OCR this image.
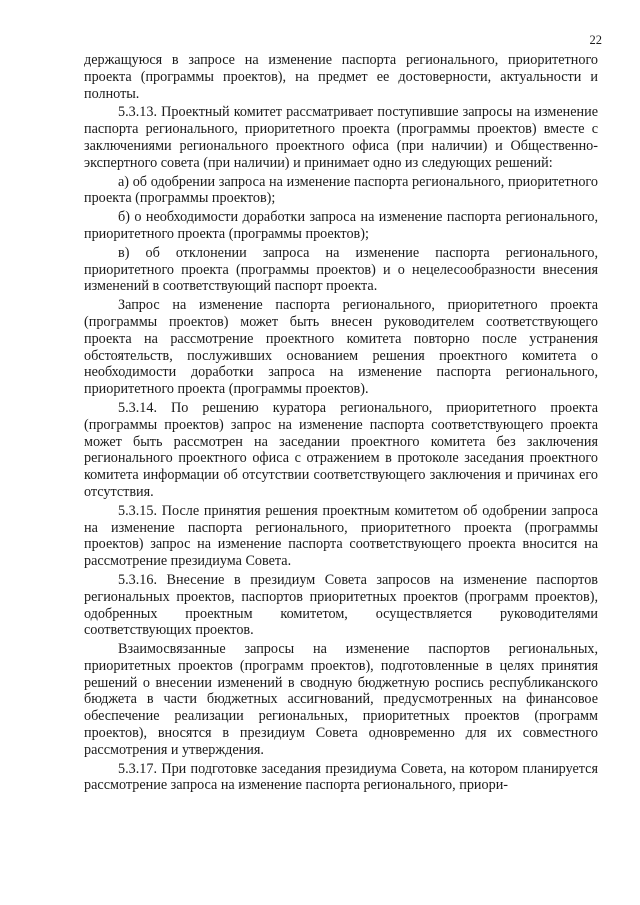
22

держащуюся в запросе на изменение паспорта регионального, приоритетного проекта (программы проектов), на предмет ее достоверности, актуальности и полноты.

5.3.13. Проектный комитет рассматривает поступившие запросы на изменение паспорта регионального, приоритетного проекта (программы проектов) вместе с заключениями регионального проектного офиса (при наличии) и Общественно-экспертного совета (при наличии) и принимает одно из следующих решений:

а) об одобрении запроса на изменение паспорта регионального, приоритетного проекта (программы проектов);

б) о необходимости доработки запроса на изменение паспорта регионального, приоритетного проекта (программы проектов);

в) об отклонении запроса на изменение паспорта регионального, приоритетного проекта (программы проектов) и о нецелесообразности внесения изменений в соответствующий паспорт проекта.

Запрос на изменение паспорта регионального, приоритетного проекта (программы проектов) может быть внесен руководителем соответствующего проекта на рассмотрение проектного комитета повторно после устранения обстоятельств, послуживших основанием решения проектного комитета о необходимости доработки запроса на изменение паспорта регионального, приоритетного проекта (программы проектов).

5.3.14. По решению куратора регионального, приоритетного проекта (программы проектов) запрос на изменение паспорта соответствующего проекта может быть рассмотрен на заседании проектного комитета без заключения регионального проектного офиса с отражением в протоколе заседания проектного комитета информации об отсутствии соответствующего заключения и причинах его отсутствия.

5.3.15. После принятия решения проектным комитетом об одобрении запроса на изменение паспорта регионального, приоритетного проекта (программы проектов) запрос на изменение паспорта соответствующего проекта вносится на рассмотрение президиума Совета.

5.3.16. Внесение в президиум Совета запросов на изменение паспортов региональных проектов, паспортов приоритетных проектов (программ проектов), одобренных проектным комитетом, осуществляется руководителями соответствующих проектов.

Взаимосвязанные запросы на изменение паспортов региональных, приоритетных проектов (программ проектов), подготовленные в целях принятия решений о внесении изменений в сводную бюджетную роспись республиканского бюджета в части бюджетных ассигнований, предусмотренных на финансовое обеспечение реализации региональных, приоритетных проектов (программ проектов), вносятся в президиум Совета одновременно для их совместного рассмотрения и утверждения.

5.3.17. При подготовке заседания президиума Совета, на котором планируется рассмотрение запроса на изменение паспорта регионального, приори-
